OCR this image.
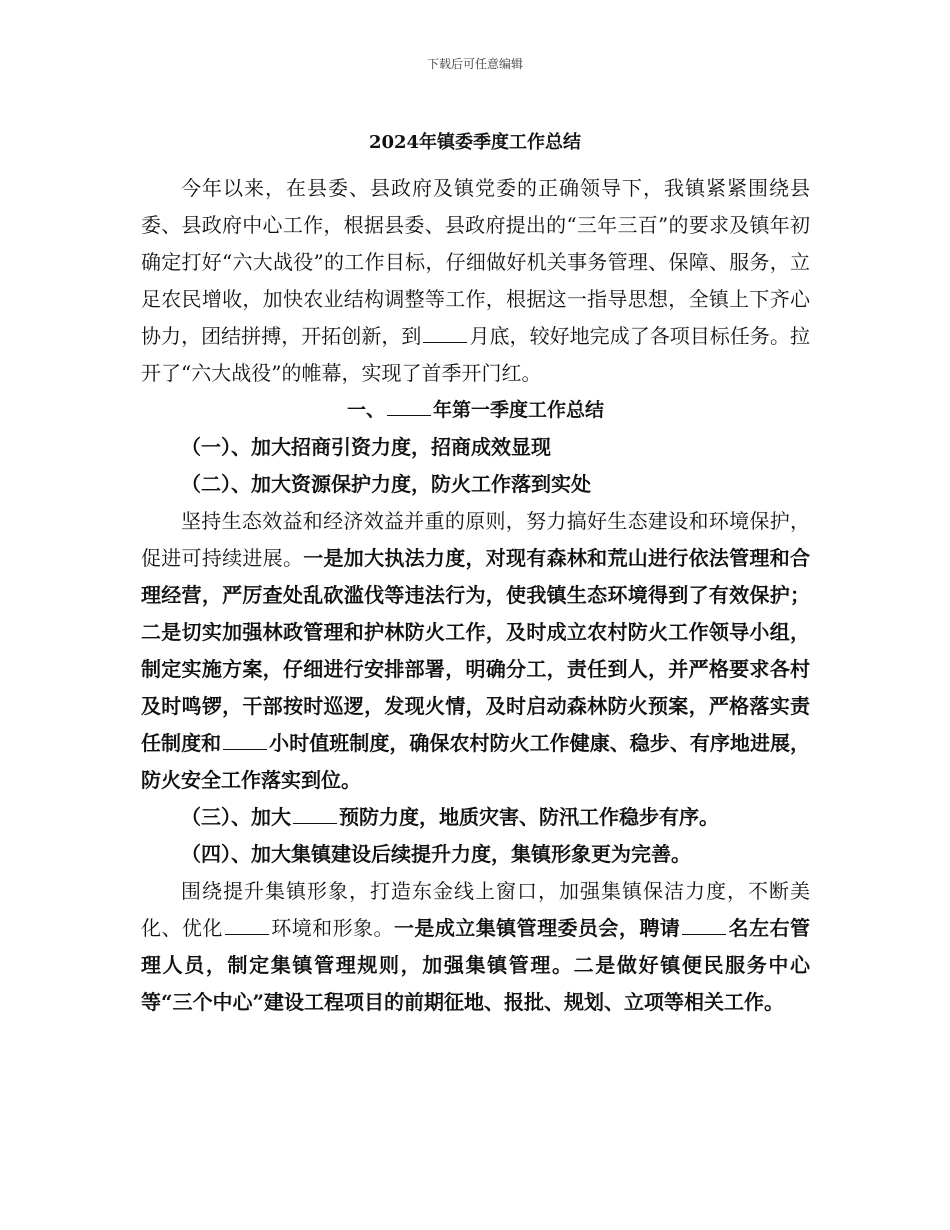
下载后可任意编辑
2024年镇委季度工作总结

今年以来，在县委、县政府及镇党委的正确领导下，我镇紧紧围绕县委、县政府中心工作，根据县委、县政府提出的“三年三百”的要求及镇年初确定打好“六大战役”的工作目标，仔细做好机关事务管理、保障、服务，立足农民增收，加快农业结构调整等工作，根据这一指导思想，全镇上下齐心协力，团结拼搏，开拓创新，到 月底，较好地完成了各项目标任务。拉开了“六大战役”的帷幕，实现了首季开门红。

一、	年第一季度工作总结

（一）、加大招商引资力度，招商成效显现

（二）、加大资源保护力度，防火工作落到实处

坚持生态效益和经济效益并重的原则，努力搞好生态建设和环境保护，促进可持续进展。一是加大执法力度，对现有森林和荒山进行依法管理和合理经营，严厉查处乱砍滥伐等违法行为，使我镇生态环境得到了有效保护；二是切实加强林政管理和护林防火工作，及时成立农村防火工作领导小组，制定实施方案，仔细进行安排部署，明确分工，责任到人，并严格要求各村及时鸣锣，干部按时巡逻，发现火情，及时启动森林防火预案，严格落实责任制度和 小时值班制度，确保农村防火工作健康、稳步、有序地进展，防火安全工作落实到位。

（三）、加大 预防力度，地质灾害、防汛工作稳步有序。

（四）、加大集镇建设后续提升力度，集镇形象更为完善。

围绕提升集镇形象，打造东金线上窗口，加强集镇保洁力度，不断美化、优化 环境和形象。一是成立集镇管理委员会，聘请 名左右管理人员，制定集镇管理规则，加强集镇管理。二是做好镇便民服务中心等“三个中心”建设工程项目的前期征地、报批、规划、立项等相关工作。
